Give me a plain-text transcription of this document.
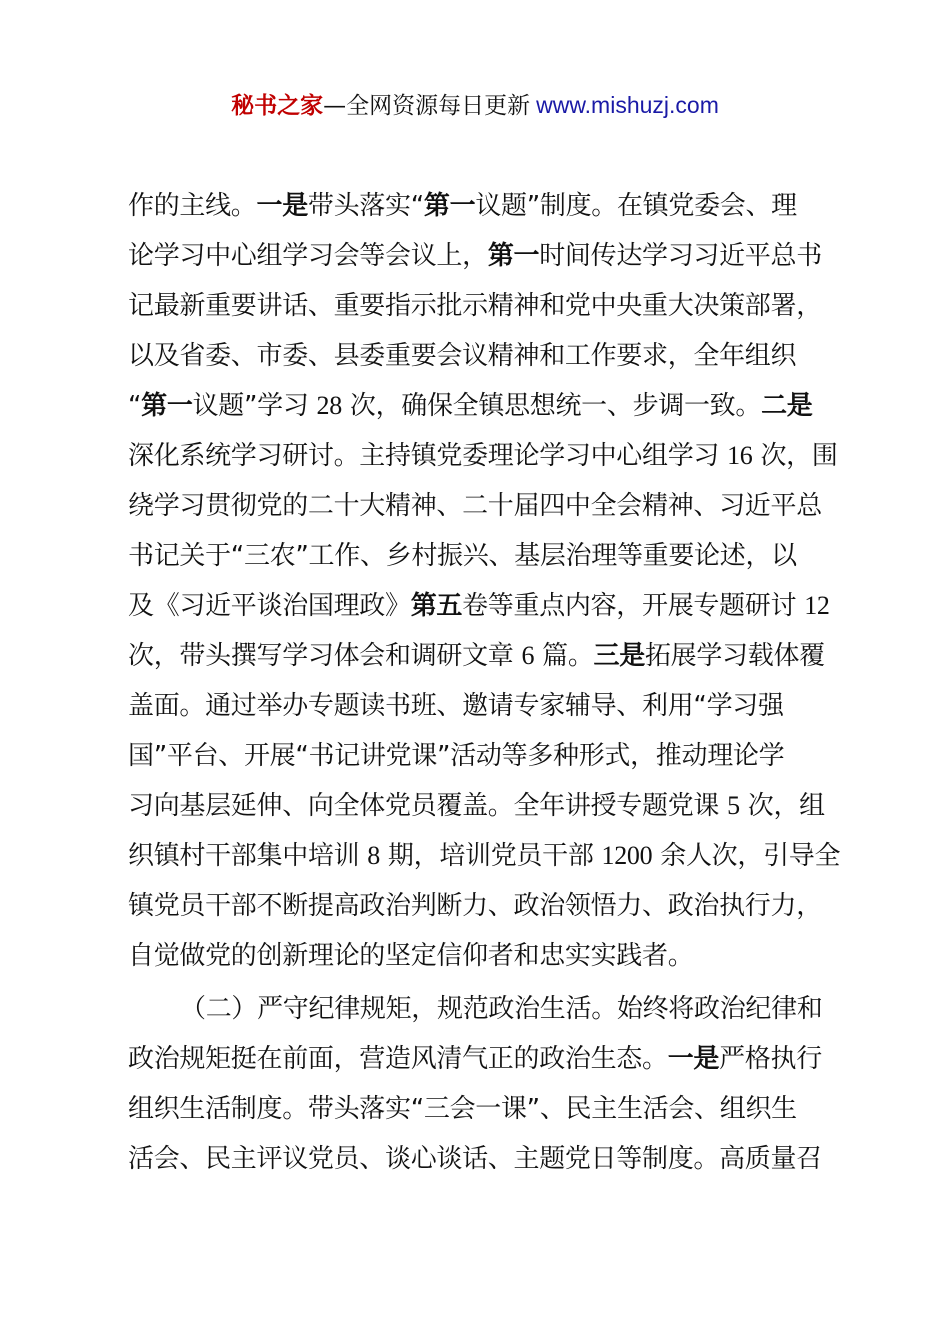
秘书之家—全网资源每日更新 www.mishuzj.com
作的主线。一是带头落实“第一议题”制度。在镇党委会、理
论学习中心组学习会等会议上，第一时间传达学习习近平总书
记最新重要讲话、重要指示批示精神和党中央重大决策部署，
以及省委、市委、县委重要会议精神和工作要求，全年组织
“第一议题”学习 28 次，确保全镇思想统一、步调一致。二是
深化系统学习研讨。主持镇党委理论学习中心组学习 16 次，围
绕学习贯彻党的二十大精神、二十届四中全会精神、习近平总
书记关于“三农”工作、乡村振兴、基层治理等重要论述，以
及《习近平谈治国理政》第五卷等重点内容，开展专题研讨 12
次，带头撰写学习体会和调研文章 6 篇。三是拓展学习载体覆
盖面。通过举办专题读书班、邀请专家辅导、利用“学习强
国”平台、开展“书记讲党课”活动等多种形式，推动理论学
习向基层延伸、向全体党员覆盖。全年讲授专题党课 5 次，组
织镇村干部集中培训 8 期，培训党员干部 1200 余人次，引导全
镇党员干部不断提高政治判断力、政治领悟力、政治执行力，
自觉做党的创新理论的坚定信仰者和忠实实践者。
（二）严守纪律规矩，规范政治生活。始终将政治纪律和
政治规矩挺在前面，营造风清气正的政治生态。一是严格执行
组织生活制度。带头落实“三会一课”、民主生活会、组织生
活会、民主评议党员、谈心谈话、主题党日等制度。高质量召
